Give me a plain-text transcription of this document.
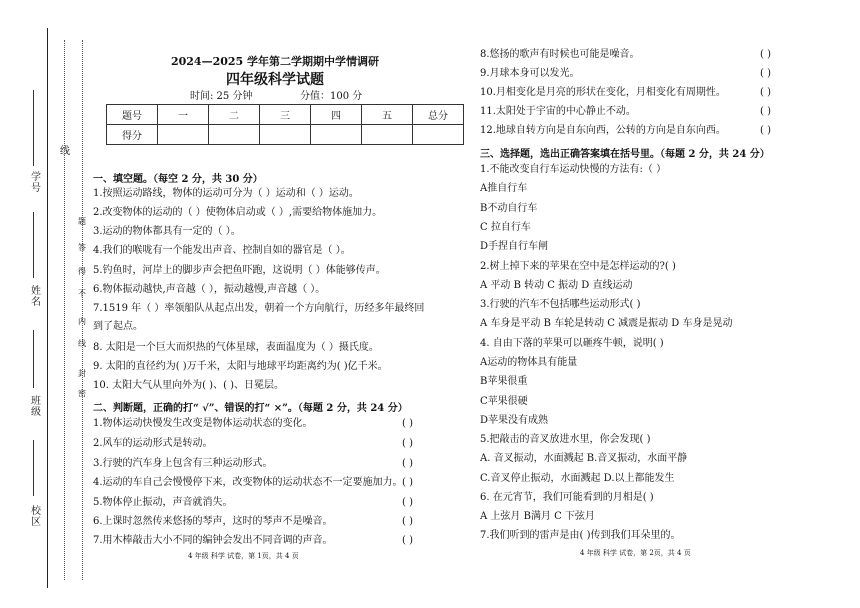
校区
班级
姓名
学号
线
密
封
线
内
不
得
答
题
2024—2025 学年第二学期期中学情调研
四年级科学试题
时间: 25 分钟	分值：100 分
题号	一	二	三	四	五	总分
得分						
一、填空题。（每空 2 分，共 30 分）
1.按照运动路线，物体的运动可分为（ ）运动和（ ）运动。
2.改变物体的运动的（ ）使物体启动或（ ）,需要给物体施加力。
3.运动的物体都具有一定的（ ）。
4.我们的喉咙有一个能发出声音、控制自如的器官是（ ）。
5.钓鱼时，河岸上的脚步声会把鱼吓跑，这说明（ ）体能够传声。
6.物体振动越快,声音越（ ），振动越慢,声音越（ ）。
7.1519 年（ ）率领船队从起点出发，朝着一个方向航行，历经多年最终回
到了起点。
8. 太阳是一个巨大而炽热的气体星球，表面温度为（ ）摄氏度。
9. 太阳的直径约为( )万千米，太阳与地球平均距离约为( )亿千米。
10. 太阳大气从里向外为( )、( )、日冕层。
二、判断题，正确的打“ √”、错误的打“ ×”。（每题 2 分，共 24 分）
1.物体运动快慢发生改变是物体运动状态的变化。
2.风车的运动形式是转动。
3.行驶的汽车身上包含有三种运动形式。
4.运动的车自己会慢慢停下来，改变物体的运动状态不一定要施加力。
5.物体停止振动，声音就消失。
6.上课时忽然传来悠扬的琴声，这时的琴声不是噪音。
7.用木棒敲击大小不同的编钟会发出不同音调的声音。
( )
( )
( )
( )
( )
( )
( )
4 年级 科学 试卷，第 1页，共 4 页
8.悠扬的歌声有时候也可能是噪音。
9.月球本身可以发光。
10.月相变化是月亮的形状在变化，月相变化有周期性。
11.太阳处于宇宙的中心静止不动。
12.地球自转方向是自东向西，公转的方向是自东向西。
( )
( )
( )
( )
( )
三、选择题，选出正确答案填在括号里。（每题 2 分，共 24 分）
1.不能改变自行车运动快慢的方法有:（ ）
A推自行车
B不动自行车
C 拉自行车
D手捏自行车闸
2.树上掉下来的苹果在空中是怎样运动的?( )
A 平动 B 转动 C 振动 D 直线运动
3.行驶的汽车不包括哪些运动形式( )
A 车身是平动 B 车轮是转动 C 减震是振动 D 车身是晃动
4. 自由下落的苹果可以砸疼牛顿，说明( )
A运动的物体具有能量
B苹果很重
C苹果很硬
D苹果没有成熟
5.把敲击的音叉放进水里，你会发现( )
A. 音叉振动，水面溅起 B.音叉振动，水面平静
C.音叉停止振动，水面溅起 D.以上都能发生
6. 在元宵节，我们可能看到的月相是( )
A 上弦月 B满月 C 下弦月
7.我们听到的雷声是由( )传到我们耳朵里的。
4 年级 科学 试卷，第 2页，共 4 页
